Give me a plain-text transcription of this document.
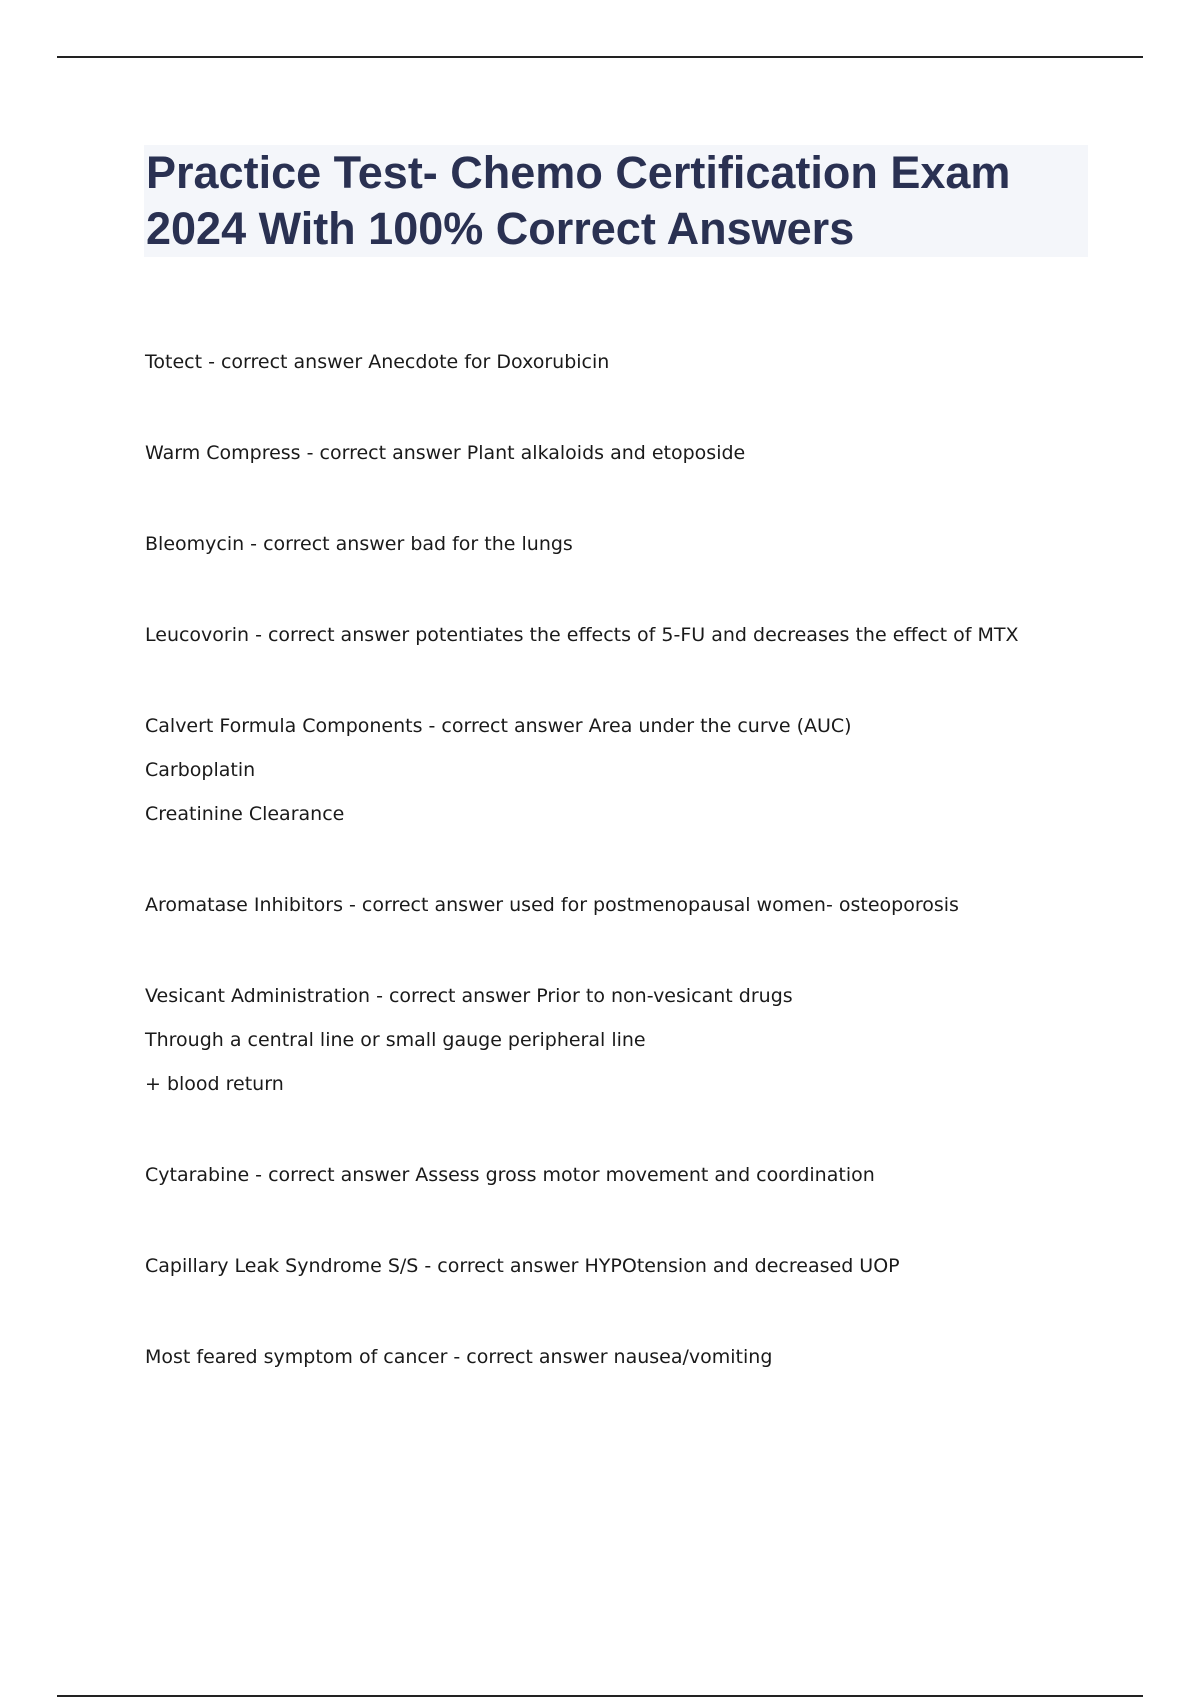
Practice Test- Chemo Certification Exam 2024 With 100% Correct Answers
Totect - correct answer Anecdote for Doxorubicin
Warm Compress - correct answer Plant alkaloids and etoposide
Bleomycin - correct answer bad for the lungs
Leucovorin - correct answer potentiates the effects of 5-FU and decreases the effect of MTX
Calvert Formula Components - correct answer Area under the curve (AUC)
Carboplatin
Creatinine Clearance
Aromatase Inhibitors - correct answer used for postmenopausal women- osteoporosis
Vesicant Administration - correct answer Prior to non-vesicant drugs
Through a central line or small gauge peripheral line
+ blood return
Cytarabine - correct answer Assess gross motor movement and coordination
Capillary Leak Syndrome S/S - correct answer HYPOtension and decreased UOP
Most feared symptom of cancer - correct answer nausea/vomiting
